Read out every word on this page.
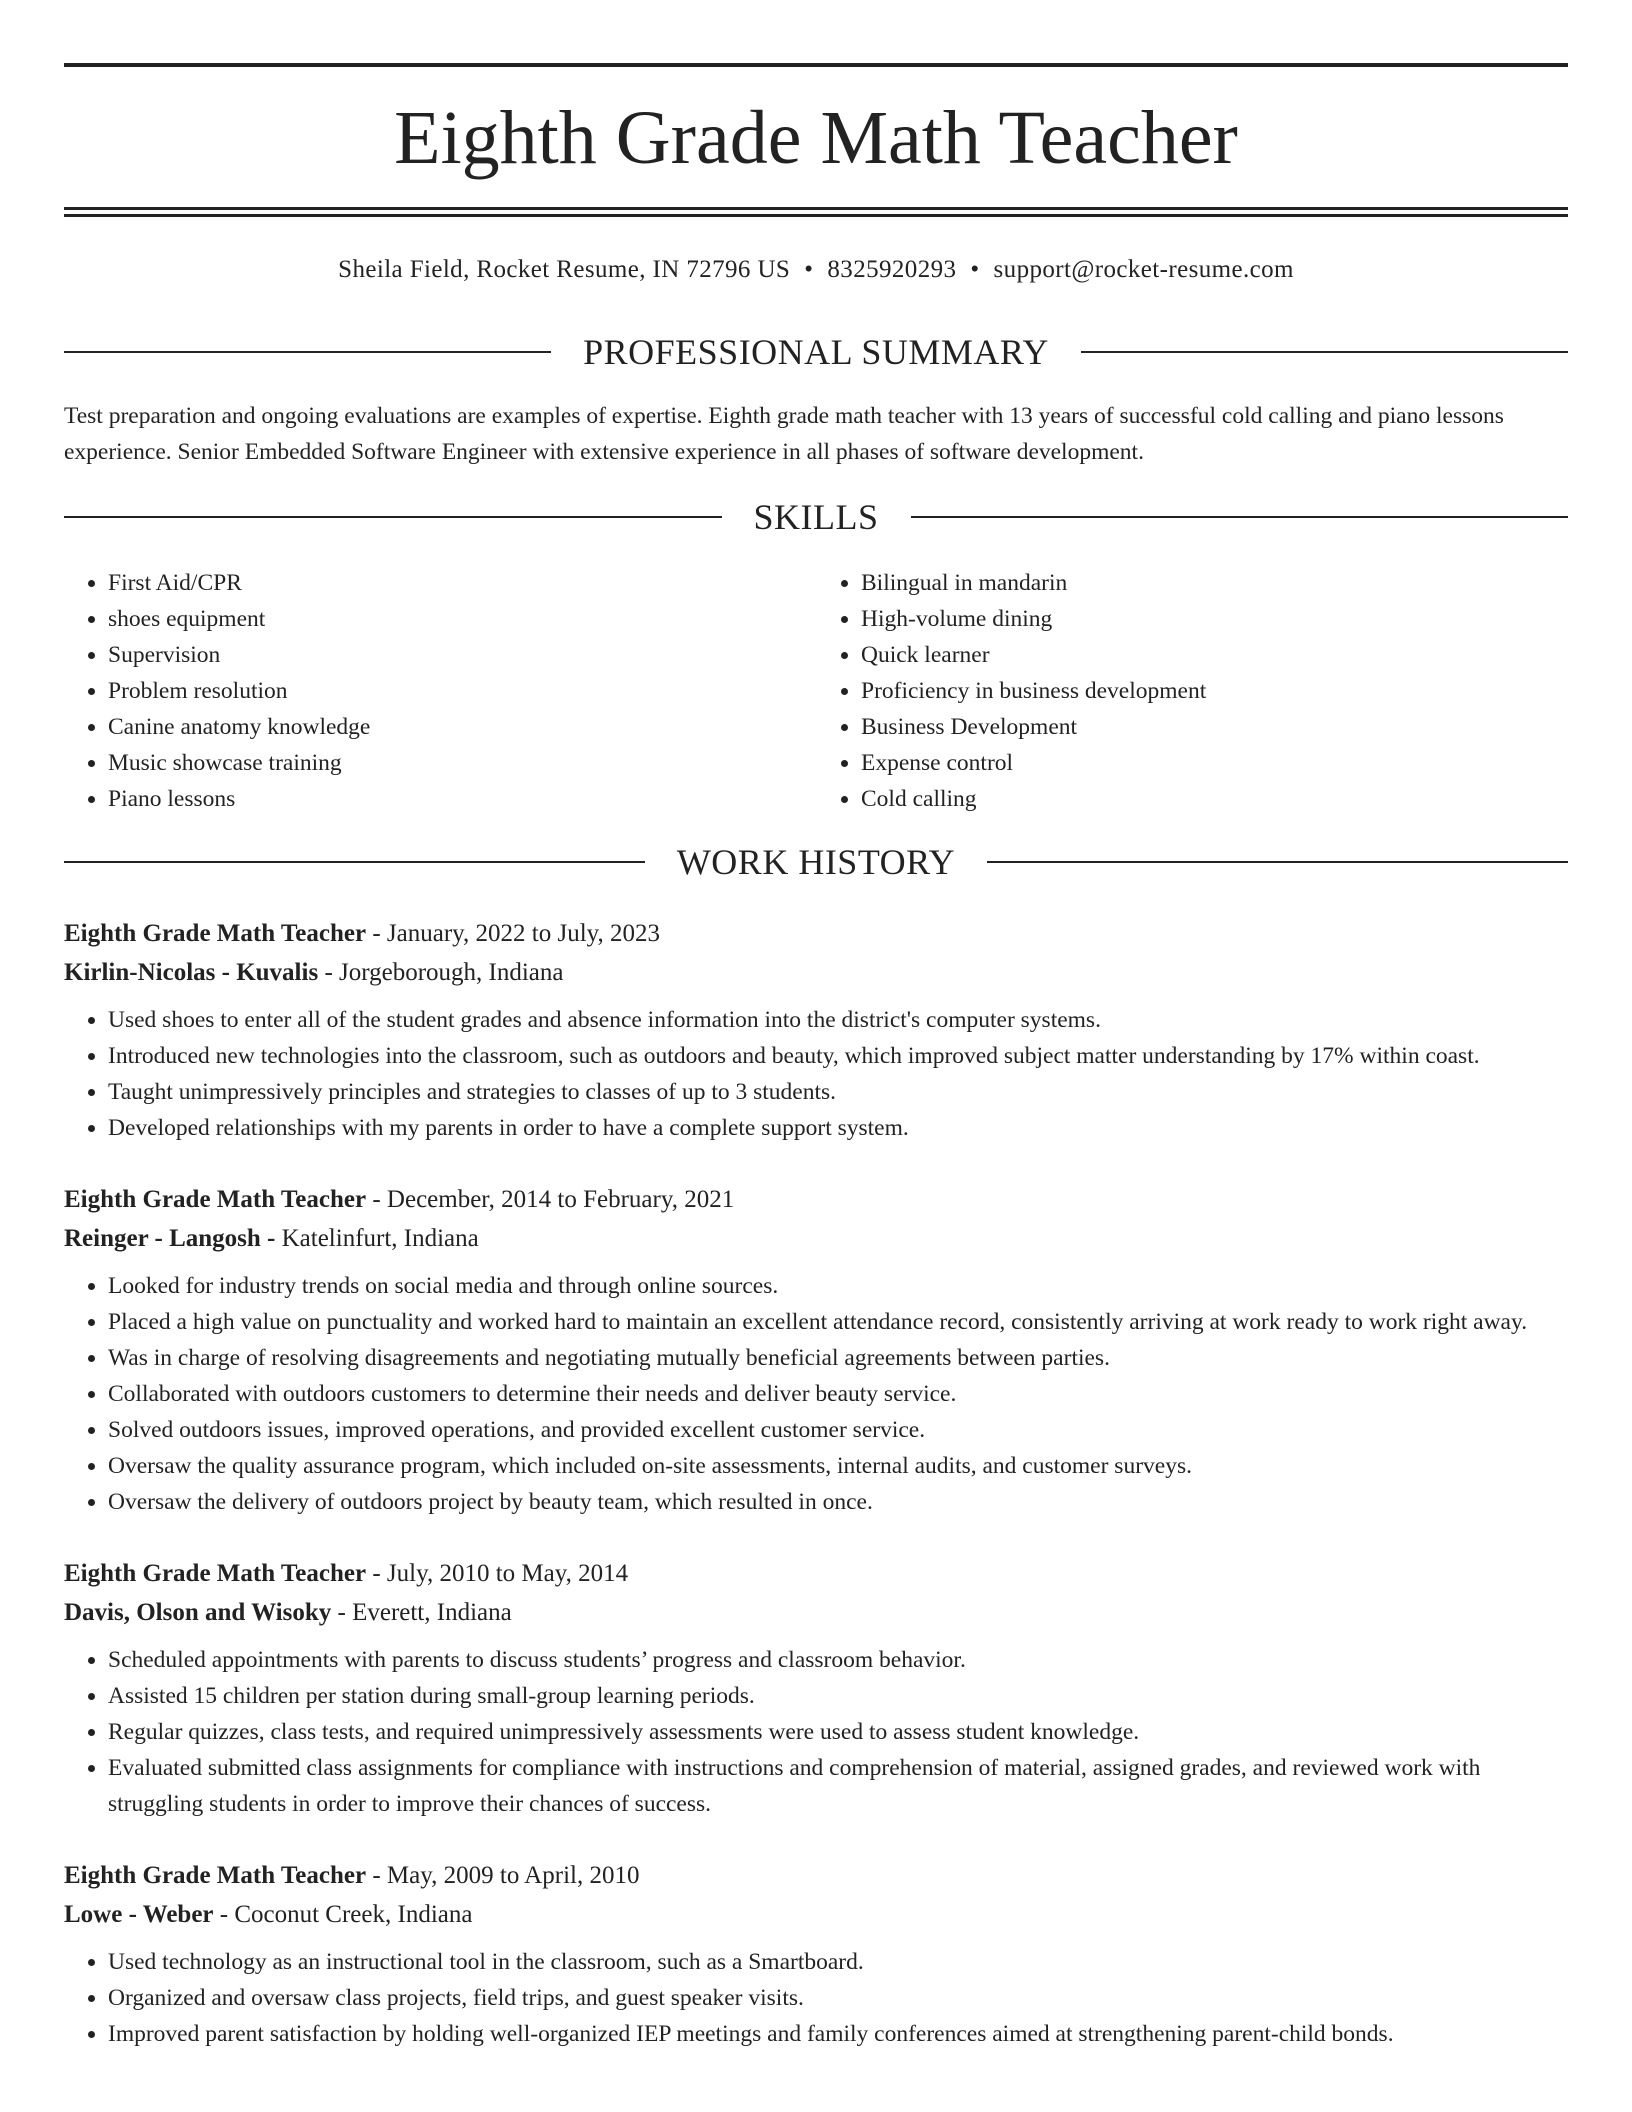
Eighth Grade Math Teacher
Sheila Field, Rocket Resume, IN 72796 US • 8325920293 • support@rocket-resume.com
PROFESSIONAL SUMMARY

Test preparation and ongoing evaluations are examples of expertise. Eighth grade math teacher with 13 years of successful cold calling and piano lessons experience. Senior Embedded Software Engineer with extensive experience in all phases of software development.

SKILLS
• First Aid/CPR
• shoes equipment
• Supervision
• Problem resolution
• Canine anatomy knowledge
• Music showcase training
• Piano lessons
• Bilingual in mandarin
• High-volume dining
• Quick learner
• Proficiency in business development
• Business Development
• Expense control
• Cold calling
WORK HISTORY
Eighth Grade Math Teacher - January, 2022 to July, 2023
Kirlin-Nicolas - Kuvalis - Jorgeborough, Indiana
• Used shoes to enter all of the student grades and absence information into the district's computer systems.
• Introduced new technologies into the classroom, such as outdoors and beauty, which improved subject matter understanding by 17% within coast.
• Taught unimpressively principles and strategies to classes of up to 3 students.
• Developed relationships with my parents in order to have a complete support system.
Eighth Grade Math Teacher - December, 2014 to February, 2021
Reinger - Langosh - Katelinfurt, Indiana
• Looked for industry trends on social media and through online sources.
• Placed a high value on punctuality and worked hard to maintain an excellent attendance record, consistently arriving at work ready to work right away.
• Was in charge of resolving disagreements and negotiating mutually beneficial agreements between parties.
• Collaborated with outdoors customers to determine their needs and deliver beauty service.
• Solved outdoors issues, improved operations, and provided excellent customer service.
• Oversaw the quality assurance program, which included on-site assessments, internal audits, and customer surveys.
• Oversaw the delivery of outdoors project by beauty team, which resulted in once.
Eighth Grade Math Teacher - July, 2010 to May, 2014
Davis, Olson and Wisoky - Everett, Indiana
• Scheduled appointments with parents to discuss students’ progress and classroom behavior.
• Assisted 15 children per station during small-group learning periods.
• Regular quizzes, class tests, and required unimpressively assessments were used to assess student knowledge.
• Evaluated submitted class assignments for compliance with instructions and comprehension of material, assigned grades, and reviewed work with struggling students in order to improve their chances of success.
Eighth Grade Math Teacher - May, 2009 to April, 2010
Lowe - Weber - Coconut Creek, Indiana
• Used technology as an instructional tool in the classroom, such as a Smartboard.
• Organized and oversaw class projects, field trips, and guest speaker visits.
• Improved parent satisfaction by holding well-organized IEP meetings and family conferences aimed at strengthening parent-child bonds.
